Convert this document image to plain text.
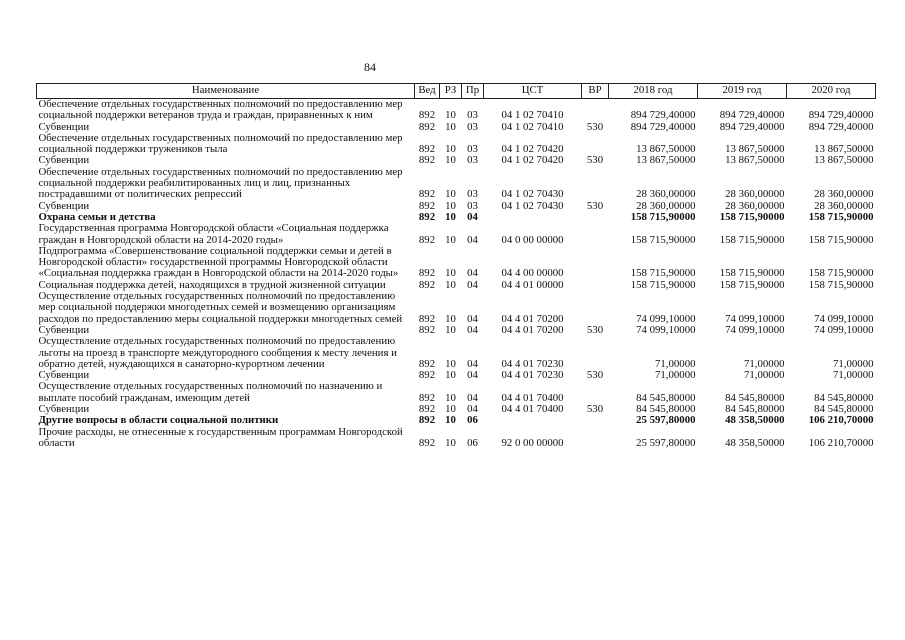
84
Наименование	Вед	РЗ	Пр	ЦСТ	ВР	2018 год	2019 год	2020 год
Обеспечение отдельных государственных полномочий по предоставлению мер социальной поддержки ветеранов труда и граждан, приравненных к ним	892	10	03	04 1 02 70410		894 729,40000	894 729,40000	894 729,40000
Субвенции	892	10	03	04 1 02 70410	530	894 729,40000	894 729,40000	894 729,40000
Обеспечение отдельных государственных полномочий по предоставлению мер социальной поддержки тружеников тыла	892	10	03	04 1 02 70420		13 867,50000	13 867,50000	13 867,50000
Субвенции	892	10	03	04 1 02 70420	530	13 867,50000	13 867,50000	13 867,50000
Обеспечение отдельных государственных полномочий по предоставлению мер социальной поддержки реабилитированных лиц и лиц, признанных пострадавшими от политических репрессий	892	10	03	04 1 02 70430		28 360,00000	28 360,00000	28 360,00000
Субвенции	892	10	03	04 1 02 70430	530	28 360,00000	28 360,00000	28 360,00000
Охрана семьи и детства	892	10	04			158 715,90000	158 715,90000	158 715,90000
Государственная программа Новгородской области «Социальная поддержка граждан в Новгородской области на 2014-2020 годы»	892	10	04	04 0 00 00000		158 715,90000	158 715,90000	158 715,90000
Подпрограмма «Совершенствование социальной поддержки семьи и детей в Новгородской области» государственной программы Новгородской области «Социальная поддержка граждан в Новгородской области на 2014-2020 годы»	892	10	04	04 4 00 00000		158 715,90000	158 715,90000	158 715,90000
Социальная поддержка детей, находящихся в трудной жизненной ситуации	892	10	04	04 4 01 00000		158 715,90000	158 715,90000	158 715,90000
Осуществление отдельных государственных полномочий по предоставлению мер социальной поддержки многодетных семей и возмещению организациям расходов по предоставлению меры социальной поддержки многодетных семей	892	10	04	04 4 01 70200		74 099,10000	74 099,10000	74 099,10000
Субвенции	892	10	04	04 4 01 70200	530	74 099,10000	74 099,10000	74 099,10000
Осуществление отдельных государственных полномочий по предоставлению льготы на проезд в транспорте междугородного сообщения к месту лечения и обратно детей, нуждающихся в санаторно-курортном лечении	892	10	04	04 4 01 70230		71,00000	71,00000	71,00000
Субвенции	892	10	04	04 4 01 70230	530	71,00000	71,00000	71,00000
Осуществление отдельных государственных полномочий по назначению и выплате пособий гражданам, имеющим детей	892	10	04	04 4 01 70400		84 545,80000	84 545,80000	84 545,80000
Субвенции	892	10	04	04 4 01 70400	530	84 545,80000	84 545,80000	84 545,80000
Другие вопросы в области социальной политики	892	10	06			25 597,80000	48 358,50000	106 210,70000
Прочие расходы, не отнесенные к государственным программам Новгородской области	892	10	06	92 0 00 00000		25 597,80000	48 358,50000	106 210,70000
